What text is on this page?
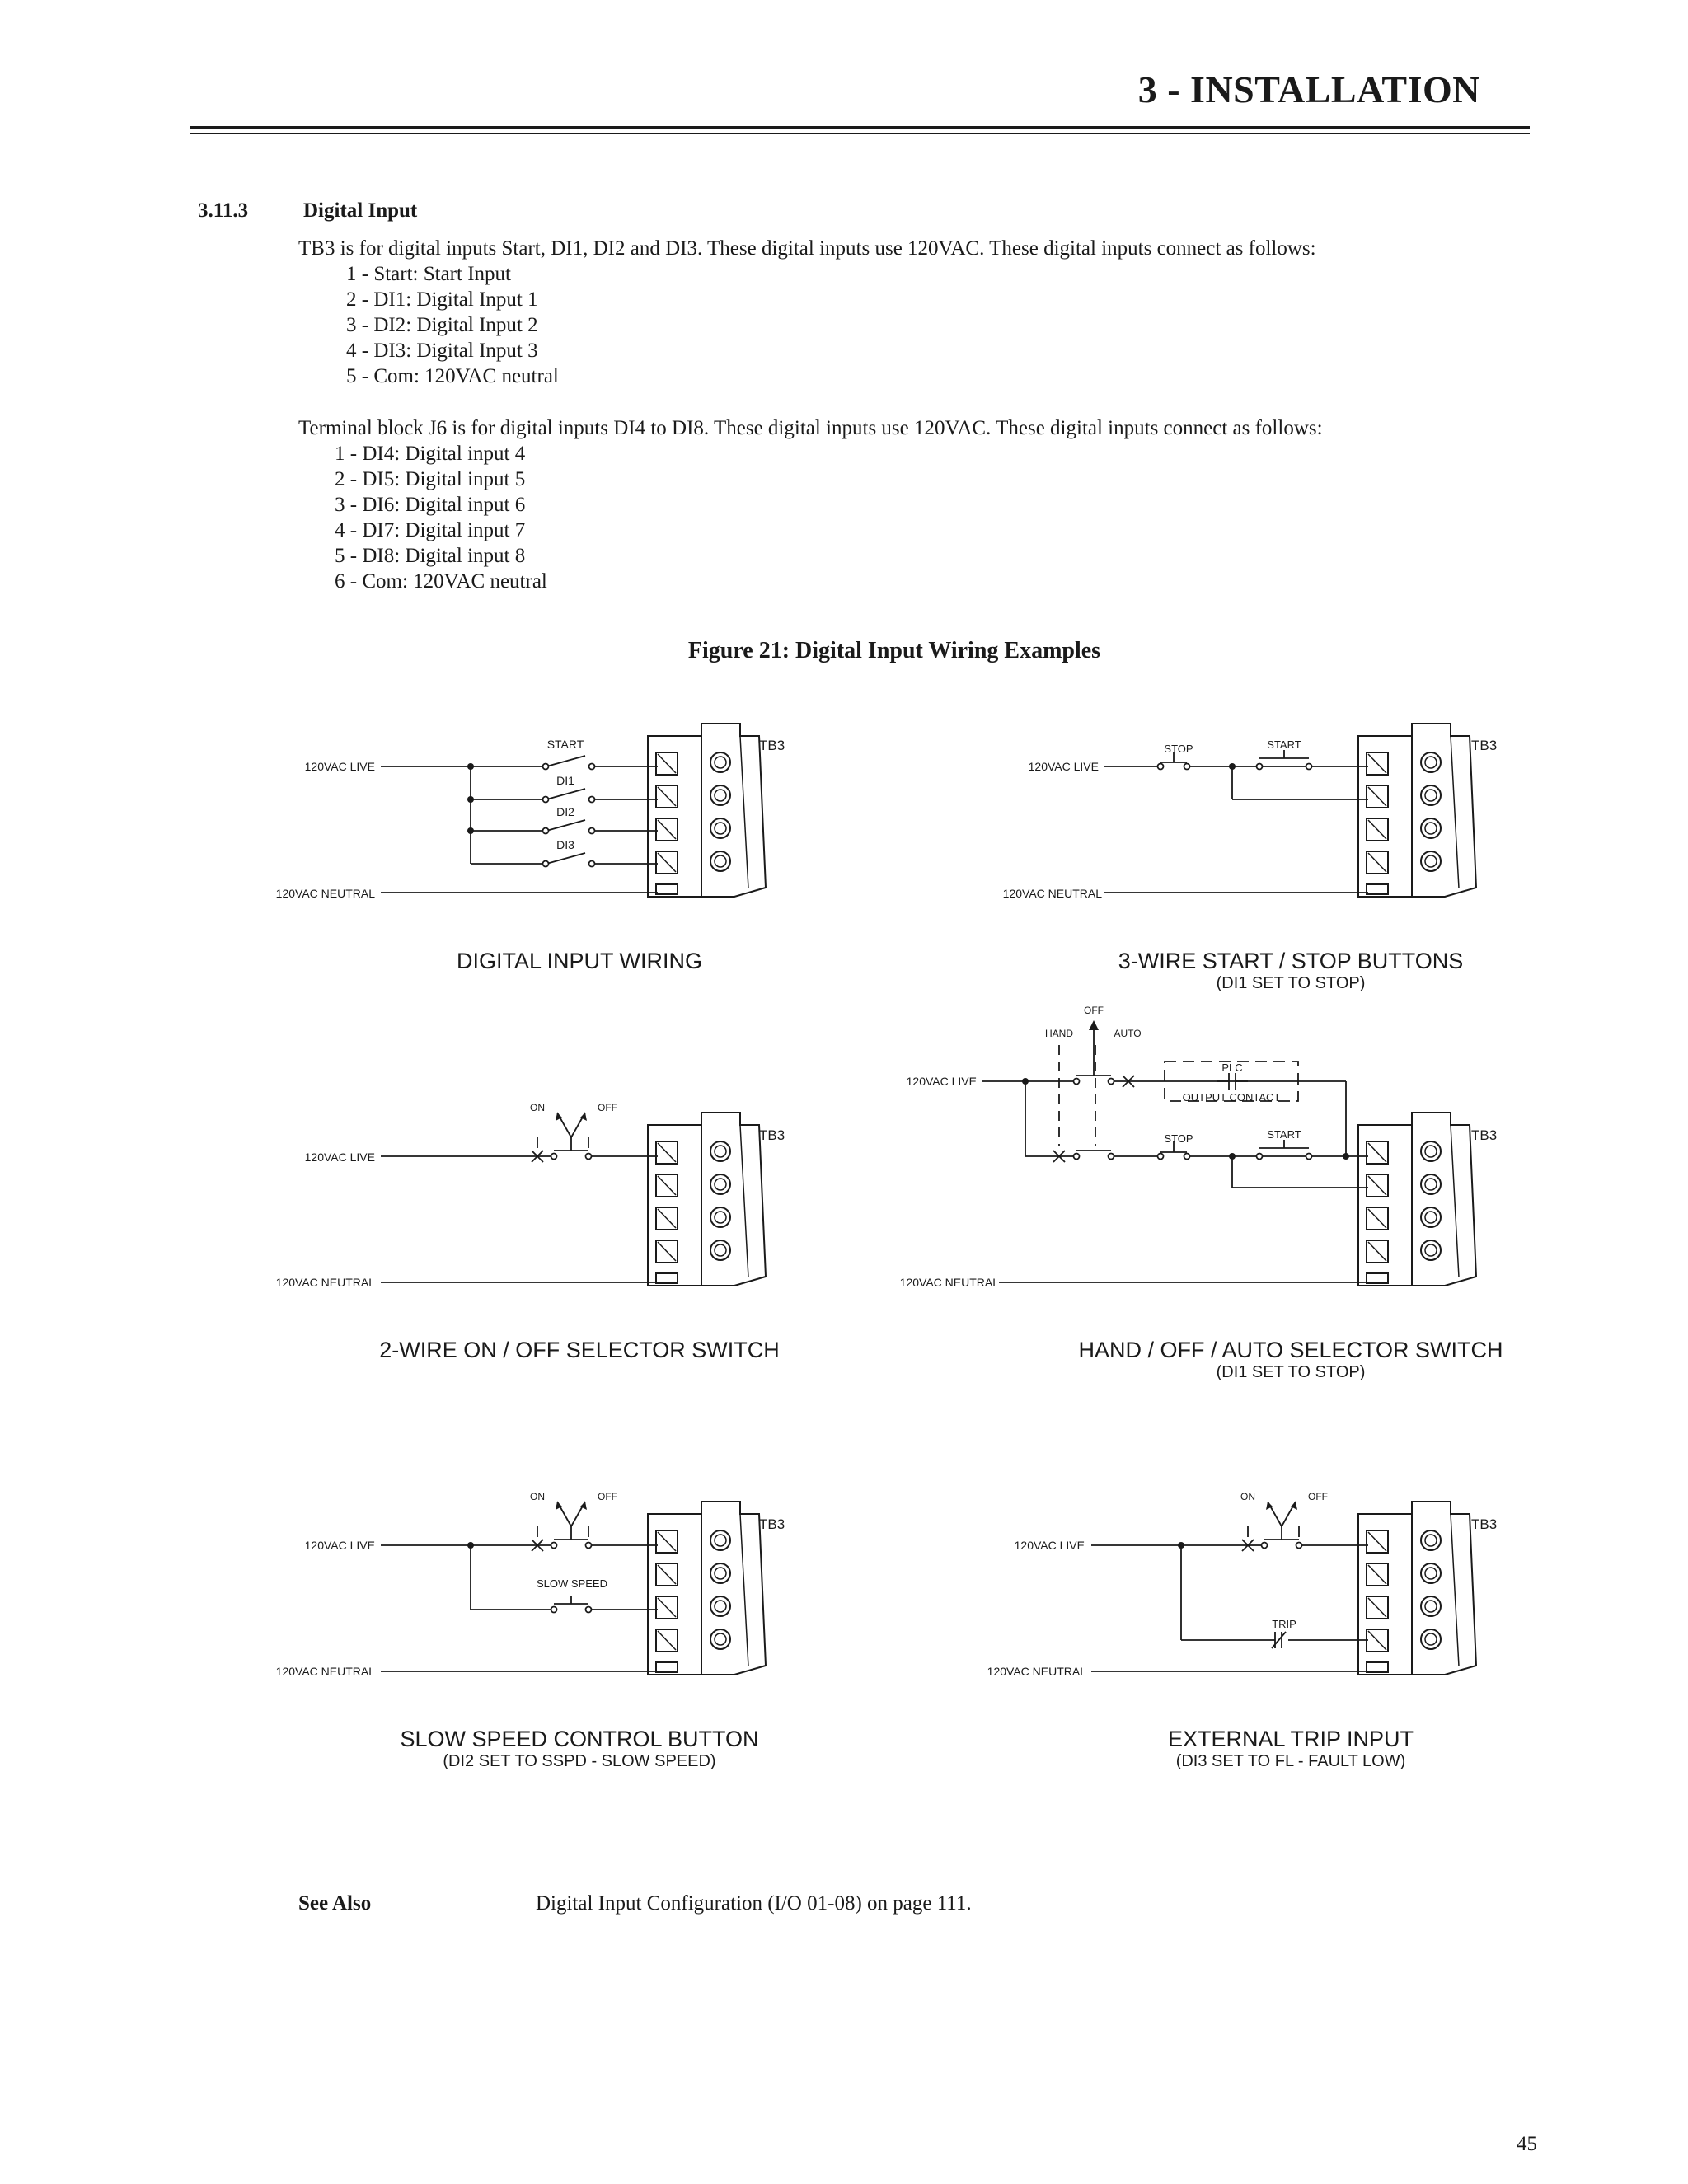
3 - INSTALLATION
3.11.3	Digital Input
TB3 is for digital inputs Start, DI1, DI2 and DI3. These digital inputs use 120VAC. These digital inputs connect as follows:
1 - Start: Start Input
2 - DI1: Digital Input 1
3 - DI2: Digital Input 2
4 - DI3: Digital Input 3
5 - Com: 120VAC neutral
Terminal block J6 is for digital inputs DI4 to DI8. These digital inputs use 120VAC. These digital inputs connect as follows:
1 - DI4: Digital input 4
2 - DI5: Digital input 5
3 - DI6: Digital input 6
4 - DI7: Digital input 7
5 - DI8: Digital input 8
6 - Com: 120VAC neutral
Figure 21: Digital Input Wiring Examples
TB3
120VAC LIVE
120VAC NEUTRAL
START
DI1
DI2
DI3
DIGITAL INPUT WIRING
TB3
120VAC LIVE
120VAC NEUTRAL
STOP	START
3-WIRE START / STOP BUTTONS
(DI1 SET TO STOP)
TB3
120VAC LIVE
120VAC NEUTRAL
ON	OFF
2-WIRE ON / OFF SELECTOR SWITCH
TB3
120VAC LIVE
120VAC NEUTRAL
OFF
HAND	AUTO
PLC
OUTPUT CONTACT
STOP	START
HAND / OFF / AUTO SELECTOR SWITCH
(DI1 SET TO STOP)
TB3
120VAC LIVE
120VAC NEUTRAL
ON	OFF
SLOW SPEED
SLOW SPEED CONTROL BUTTON
(DI2 SET TO SSPD - SLOW SPEED)
TB3
120VAC LIVE
120VAC NEUTRAL
ON	OFF
TRIP
EXTERNAL TRIP INPUT
(DI3 SET TO FL - FAULT LOW)
See Also	Digital Input Configuration (I/O 01-08) on page 111.
45
